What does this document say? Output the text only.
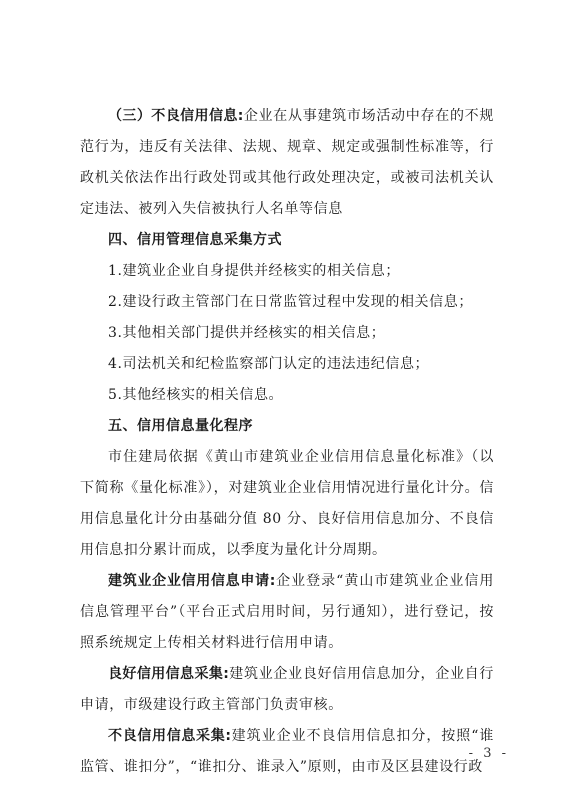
（三）不良信用信息:企业在从事建筑市场活动中存在的不规范行为，违反有关法律、法规、规章、规定或强制性标准等，行政机关依法作出行政处罚或其他行政处理决定，或被司法机关认定违法、被列入失信被执行人名单等信息

四、信用管理信息采集方式

1.建筑业企业自身提供并经核实的相关信息；

2.建设行政主管部门在日常监管过程中发现的相关信息；

3.其他相关部门提供并经核实的相关信息；

4.司法机关和纪检监察部门认定的违法违纪信息；

5.其他经核实的相关信息。

五、信用信息量化程序

市住建局依据《黄山市建筑业企业信用信息量化标准》（以下简称《量化标准》），对建筑业企业信用情况进行量化计分。信用信息量化计分由基础分值 80 分、良好信用信息加分、不良信用信息扣分累计而成，以季度为量化计分周期。

建筑业企业信用信息申请:企业登录“黄山市建筑业企业信用信息管理平台”（平台正式启用时间，另行通知），进行登记，按照系统规定上传相关材料进行信用申请。

良好信用信息采集:建筑业企业良好信用信息加分，企业自行申请，市级建设行政主管部门负责审核。

不良信用信息采集:建筑业企业不良信用信息扣分，按照“谁监管、谁扣分”，“谁扣分、谁录入”原则，由市及区县建设行政

- 3 -
